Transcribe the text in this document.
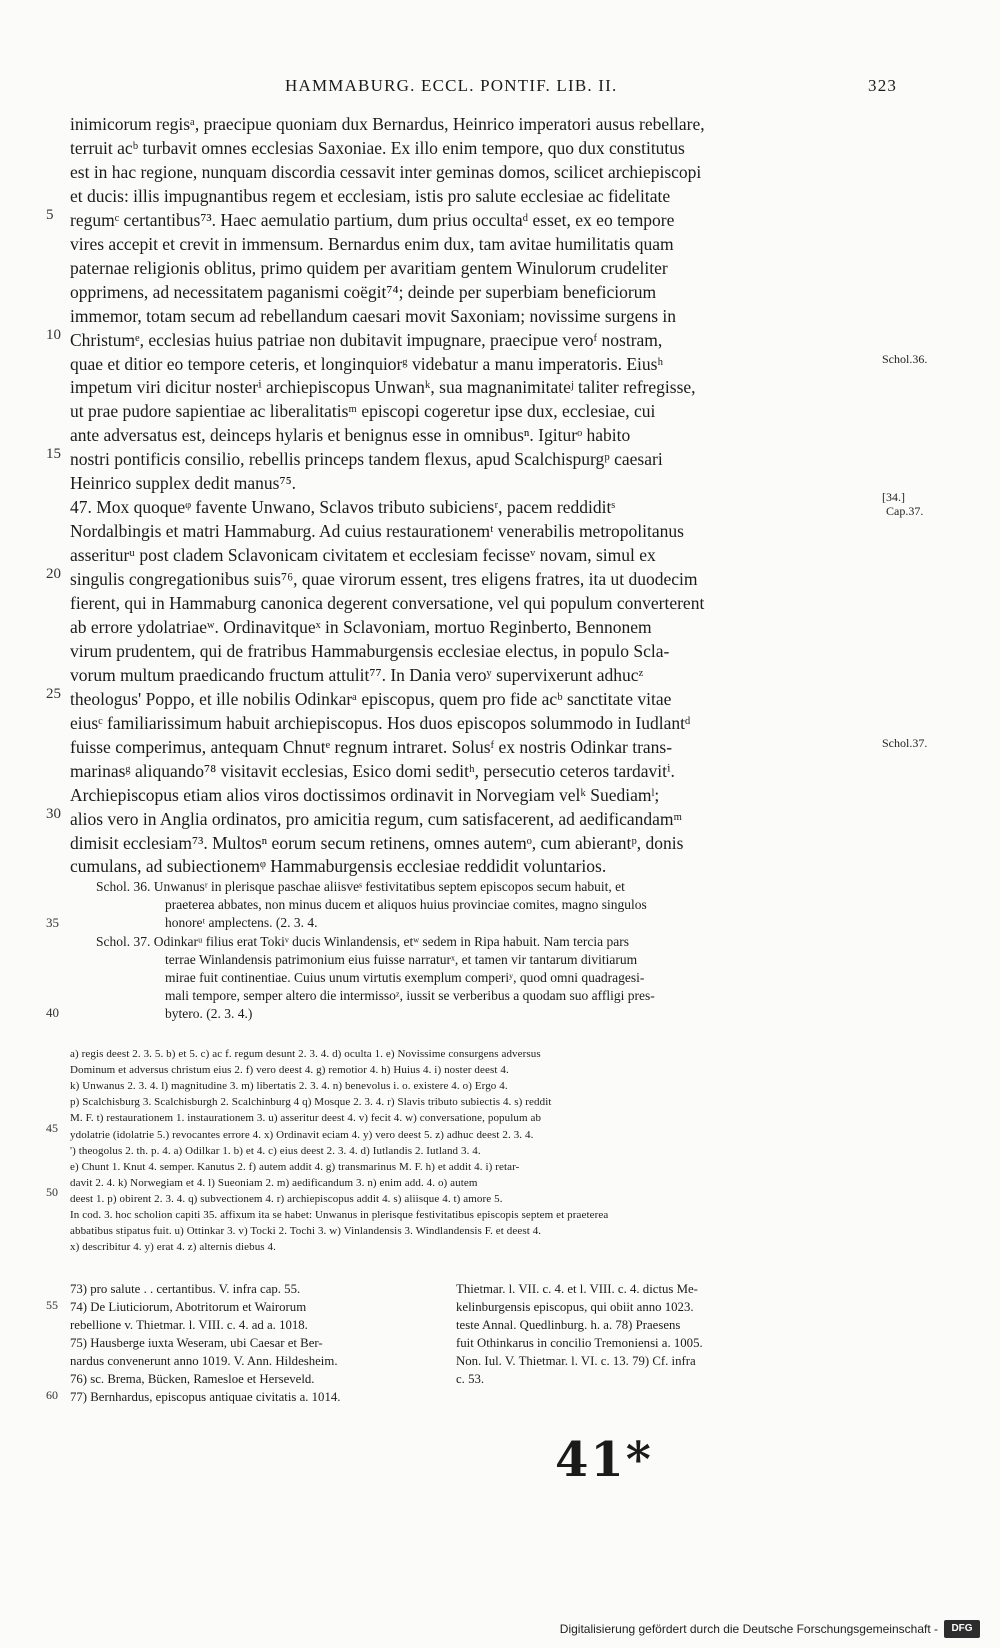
HAMMABURG. ECCL. PONTIF. LIB. II.	323
inimicorum regisᵃ, praecipue quoniam dux Bernardus, Heinrico imperatori ausus rebellare,
terruit acᵇ turbavit omnes ecclesias Saxoniae. Ex illo enim tempore, quo dux constitutus
est in hac regione, nunquam discordia cessavit inter geminas domos, scilicet archiepiscopi
et ducis: illis impugnantibus regem et ecclesiam, istis pro salute ecclesiae ac fidelitate
regumᶜ certantibus⁷³. Haec aemulatio partium, dum prius occultaᵈ esset, ex eo tempore
vires accepit et crevit in immensum. Bernardus enim dux, tam avitae humilitatis quam
paternae religionis oblitus, primo quidem per avaritiam gentem Winulorum crudeliter
opprimens, ad necessitatem paganismi coëgit⁷⁴; deinde per superbiam beneficiorum
immemor, totam secum ad rebellandum caesari movit Saxoniam; novissime surgens in
Christumᵉ, ecclesias huius patriae non dubitavit impugnare, praecipue veroᶠ nostram,
quae et ditior eo tempore ceteris, et longinquiorᵍ videbatur a manu imperatoris. Eiusʰ
impetum viri dicitur nosterⁱ archiepiscopus Unwanᵏ, sua magnanimitateʲ taliter refregisse,
ut prae pudore sapientiae ac liberalitatisᵐ episcopi cogeretur ipse dux, ecclesiae, cui
ante adversatus est, deinceps hylaris et benignus esse in omnibusⁿ. Igiturᵒ habito
nostri pontificis consilio, rebellis princeps tandem flexus, apud Scalchispurgᵖ caesari
Heinrico supplex dedit manus⁷⁵.
47. Mox quoqueᵠ favente Unwano, Sclavos tributo subiciensʳ, pacem reddiditˢ
Nordalbingis et matri Hammaburg. Ad cuius restaurationemᵗ venerabilis metropolitanus
asseriturᵘ post cladem Sclavonicam civitatem et ecclesiam fecisseᵛ novam, simul ex
singulis congregationibus suis⁷⁶, quae virorum essent, tres eligens fratres, ita ut duodecim
fierent, qui in Hammaburg canonica degerent conversatione, vel qui populum converterent
ab errore ydolatriaeʷ. Ordinavitqueˣ in Sclavoniam, mortuo Reginberto, Bennonem
virum prudentem, qui de fratribus Hammaburgensis ecclesiae electus, in populo Scla-
vorum multum praedicando fructum attulit⁷⁷. In Dania veroʸ supervixerunt adhucᶻ
theologus' Poppo, et ille nobilis Odinkarᵃ episcopus, quem pro fide acᵇ sanctitate vitae
eiusᶜ familiarissimum habuit archiepiscopus. Hos duos episcopos solummodo in Iudlantᵈ
fuisse comperimus, antequam Chnutᵉ regnum intraret. Solusᶠ ex nostris Odinkar trans-
marinasᵍ aliquando⁷⁸ visitavit ecclesias, Esico domi seditʰ, persecutio ceteros tardavitⁱ.
Archiepiscopus etiam alios viros doctissimos ordinavit in Norvegiam velᵏ Suediamˡ;
alios vero in Anglia ordinatos, pro amicitia regum, cum satisfacerent, ad aedificandamᵐ
dimisit ecclesiam⁷³. Multosⁿ eorum secum retinens, omnes autemᵒ, cum abierantᵖ, donis
cumulans, ad subiectionemᵠ Hammaburgensis ecclesiae reddidit voluntarios.
5
10
15
20
25
30
Schol.36.
[34.]
Cap.37.
Schol.37.
Schol. 36. Unwanusʳ in plerisque paschae aliisveˢ festivitatibus septem episcopos secum habuit, et
praeterea abbates, non minus ducem et aliquos huius provinciae comites, magno singulos
honoreᵗ amplectens. (2. 3. 4.
Schol. 37. Odinkarᵘ filius erat Tokiᵛ ducis Winlandensis, etʷ sedem in Ripa habuit. Nam tercia pars
terrae Winlandensis patrimonium eius fuisse narraturˣ, et tamen vir tantarum divitiarum
mirae fuit continentiae. Cuius unum virtutis exemplum comperiʸ, quod omni quadragesi-
mali tempore, semper altero die intermissoᶻ, iussit se verberibus a quodam suo affligi pres-
bytero. (2. 3. 4.)
35
40
a) regis deest 2. 3. 5. b) et 5. c) ac f. regum desunt 2. 3. 4. d) oculta 1. e) Novissime consurgens adversus
Dominum et adversus christum eius 2. f) vero deest 4. g) remotior 4. h) Huius 4. i) noster deest 4.
k) Unwanus 2. 3. 4. l) magnitudine 3. m) libertatis 2. 3. 4. n) benevolus i. o. existere 4. o) Ergo 4.
p) Scalchisburg 3. Scalchisburgh 2. Scalchinburg 4 q) Mosque 2. 3. 4. r) Slavis tributo subiectis 4. s) reddit
M. F. t) restaurationem 1. instaurationem 3. u) asseritur deest 4. v) fecit 4. w) conversatione, populum ab
ydolatrie (idolatrie 5.) revocantes errore 4. x) Ordinavit eciam 4. y) vero deest 5. z) adhuc deest 2. 3. 4.
') theogolus 2. th. p. 4. a) Odilkar 1. b) et 4. c) eius deest 2. 3. 4. d) Iutlandis 2. Iutland 3. 4.
e) Chunt 1. Knut 4. semper. Kanutus 2. f) autem addit 4. g) transmarinus M. F. h) et addit 4. i) retar-
davit 2. 4. k) Norwegiam et 4. l) Sueoniam 2. m) aedificandum 3. n) enim add. 4. o) autem
deest 1. p) obirent 2. 3. 4. q) subvectionem 4. r) archiepiscopus addit 4. s) aliisque 4. t) amore 5.
In cod. 3. hoc scholion capiti 35. affixum ita se habet: Unwanus in plerisque festivitatibus episcopis septem et praeterea
abbatibus stipatus fuit. u) Ottinkar 3. v) Tocki 2. Tochi 3. w) Vinlandensis 3. Windlandensis F. et deest 4.
x) describitur 4. y) erat 4. z) alternis diebus 4.
45
50
73) pro salute . . certantibus. V. infra cap. 55.
74) De Liuticiorum, Abotritorum et Wairorum
rebellione v. Thietmar. l. VIII. c. 4. ad a. 1018.
75) Hausberge iuxta Weseram, ubi Caesar et Ber-
nardus convenerunt anno 1019. V. Ann. Hildesheim.
76) sc. Brema, Bücken, Ramesloe et Herseveld.
77) Bernhardus, episcopus antiquae civitatis a. 1014.
Thietmar. l. VII. c. 4. et l. VIII. c. 4. dictus Me-
kelinburgensis episcopus, qui obiit anno 1023.
teste Annal. Quedlinburg. h. a. 78) Praesens
fuit Othinkarus in concilio Tremoniensi a. 1005.
Non. Iul. V. Thietmar. l. VI. c. 13. 79) Cf. infra
c. 53.
55
60
41*
Digitalisierung gefördert durch die Deutsche Forschungsgemeinschaft -	DFG
